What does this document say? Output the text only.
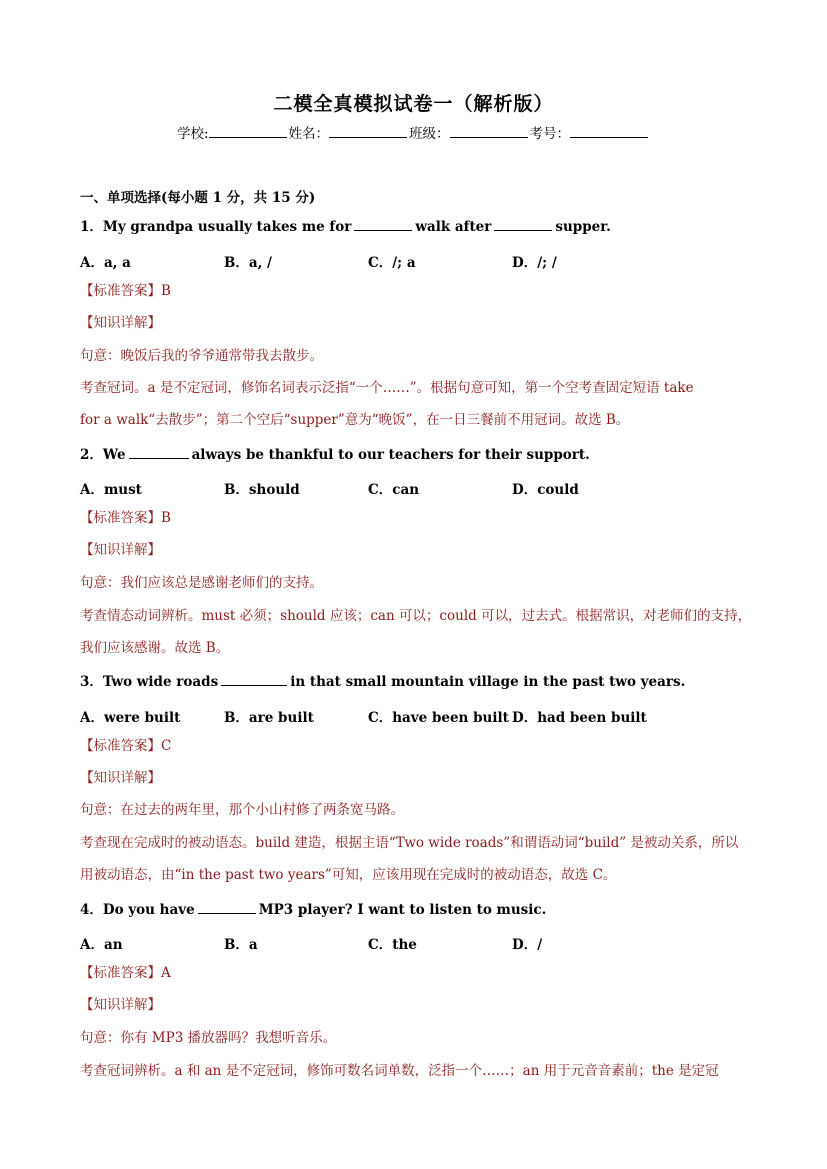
二模全真模拟试卷一（解析版）
学校:	姓名：	班级：	考号：
一、单项选择(每小题 1 分，共 15 分)
1．My grandpa usually takes me for	walk after	supper.
A．a, a	B．a, /	C．/; a	D．/; /
【标准答案】B
【知识详解】
句意：晚饭后我的爷爷通常带我去散步。
考查冠词。a 是不定冠词，修饰名词表示泛指“一个……”。根据句意可知，第一个空考查固定短语 take
for a walk“去散步”；第二个空后“supper”意为“晚饭”，在一日三餐前不用冠词。故选 B。
2．We	always be thankful to our teachers for their support.
A．must	B．should	C．can	D．could
【标准答案】B
【知识详解】
句意：我们应该总是感谢老师们的支持。
考查情态动词辨析。must 必须；should 应该；can 可以；could 可以，过去式。根据常识，对老师们的支持，
我们应该感谢。故选 B。
3．Two wide roads	in that small mountain village in the past two years.
A．were built	B．are built	C．have been built D．had been built
【标准答案】C
【知识详解】
句意：在过去的两年里，那个小山村修了两条宽马路。
考查现在完成时的被动语态。build 建造，根据主语“Two wide roads”和谓语动词“build” 是被动关系，所以
用被动语态，由“in the past two years”可知，应该用现在完成时的被动语态，故选 C。
4．Do you have	MP3 player? I want to listen to music.
A．an	B．a	C．the	D．/
【标准答案】A
【知识详解】
句意：你有 MP3 播放器吗？我想听音乐。
考查冠词辨析。a 和 an 是不定冠词，修饰可数名词单数，泛指一个……；an 用于元音音素前；the 是定冠
